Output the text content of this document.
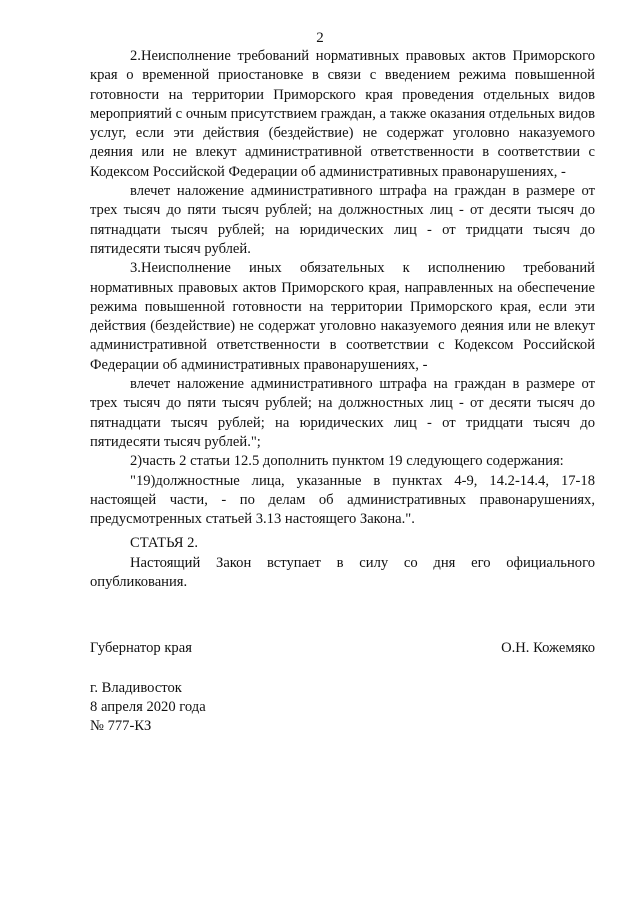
2

2.Неисполнение требований нормативных правовых актов Приморского края о временной приостановке в связи с введением режима повышенной готовности на территории Приморского края проведения отдельных видов мероприятий с очным присутствием граждан, а также оказания отдельных видов услуг, если эти действия (бездействие) не содержат уголовно наказуемого деяния или не влекут административной ответственности в соответствии с Кодексом Российской Федерации об административных правонарушениях, -

влечет наложение административного штрафа на граждан в размере от трех тысяч до пяти тысяч рублей; на должностных лиц - от десяти тысяч до пятнадцати тысяч рублей; на юридических лиц - от тридцати тысяч до пятидесяти тысяч рублей.

3.Неисполнение иных обязательных к исполнению требований нормативных правовых актов Приморского края, направленных на обеспечение режима повышенной готовности на территории Приморского края, если эти действия (бездействие) не содержат уголовно наказуемого деяния или не влекут административной ответственности в соответствии с Кодексом Российской Федерации об административных правонарушениях, -

влечет наложение административного штрафа на граждан в размере от трех тысяч до пяти тысяч рублей; на должностных лиц - от десяти тысяч до пятнадцати тысяч рублей; на юридических лиц - от тридцати тысяч до пятидесяти тысяч рублей.";

2)часть 2 статьи 12.5 дополнить пунктом 19 следующего содержания:

"19)должностные лица, указанные в пунктах 4-9, 14.2-14.4, 17-18 настоящей части, - по делам об административных правонарушениях, предусмотренных статьей 3.13 настоящего Закона.".

СТАТЬЯ 2.

Настоящий Закон вступает в силу со дня его официального опубликования.

Губернатор края	О.Н. Кожемяко
г. Владивосток
8 апреля 2020 года
№ 777-КЗ
